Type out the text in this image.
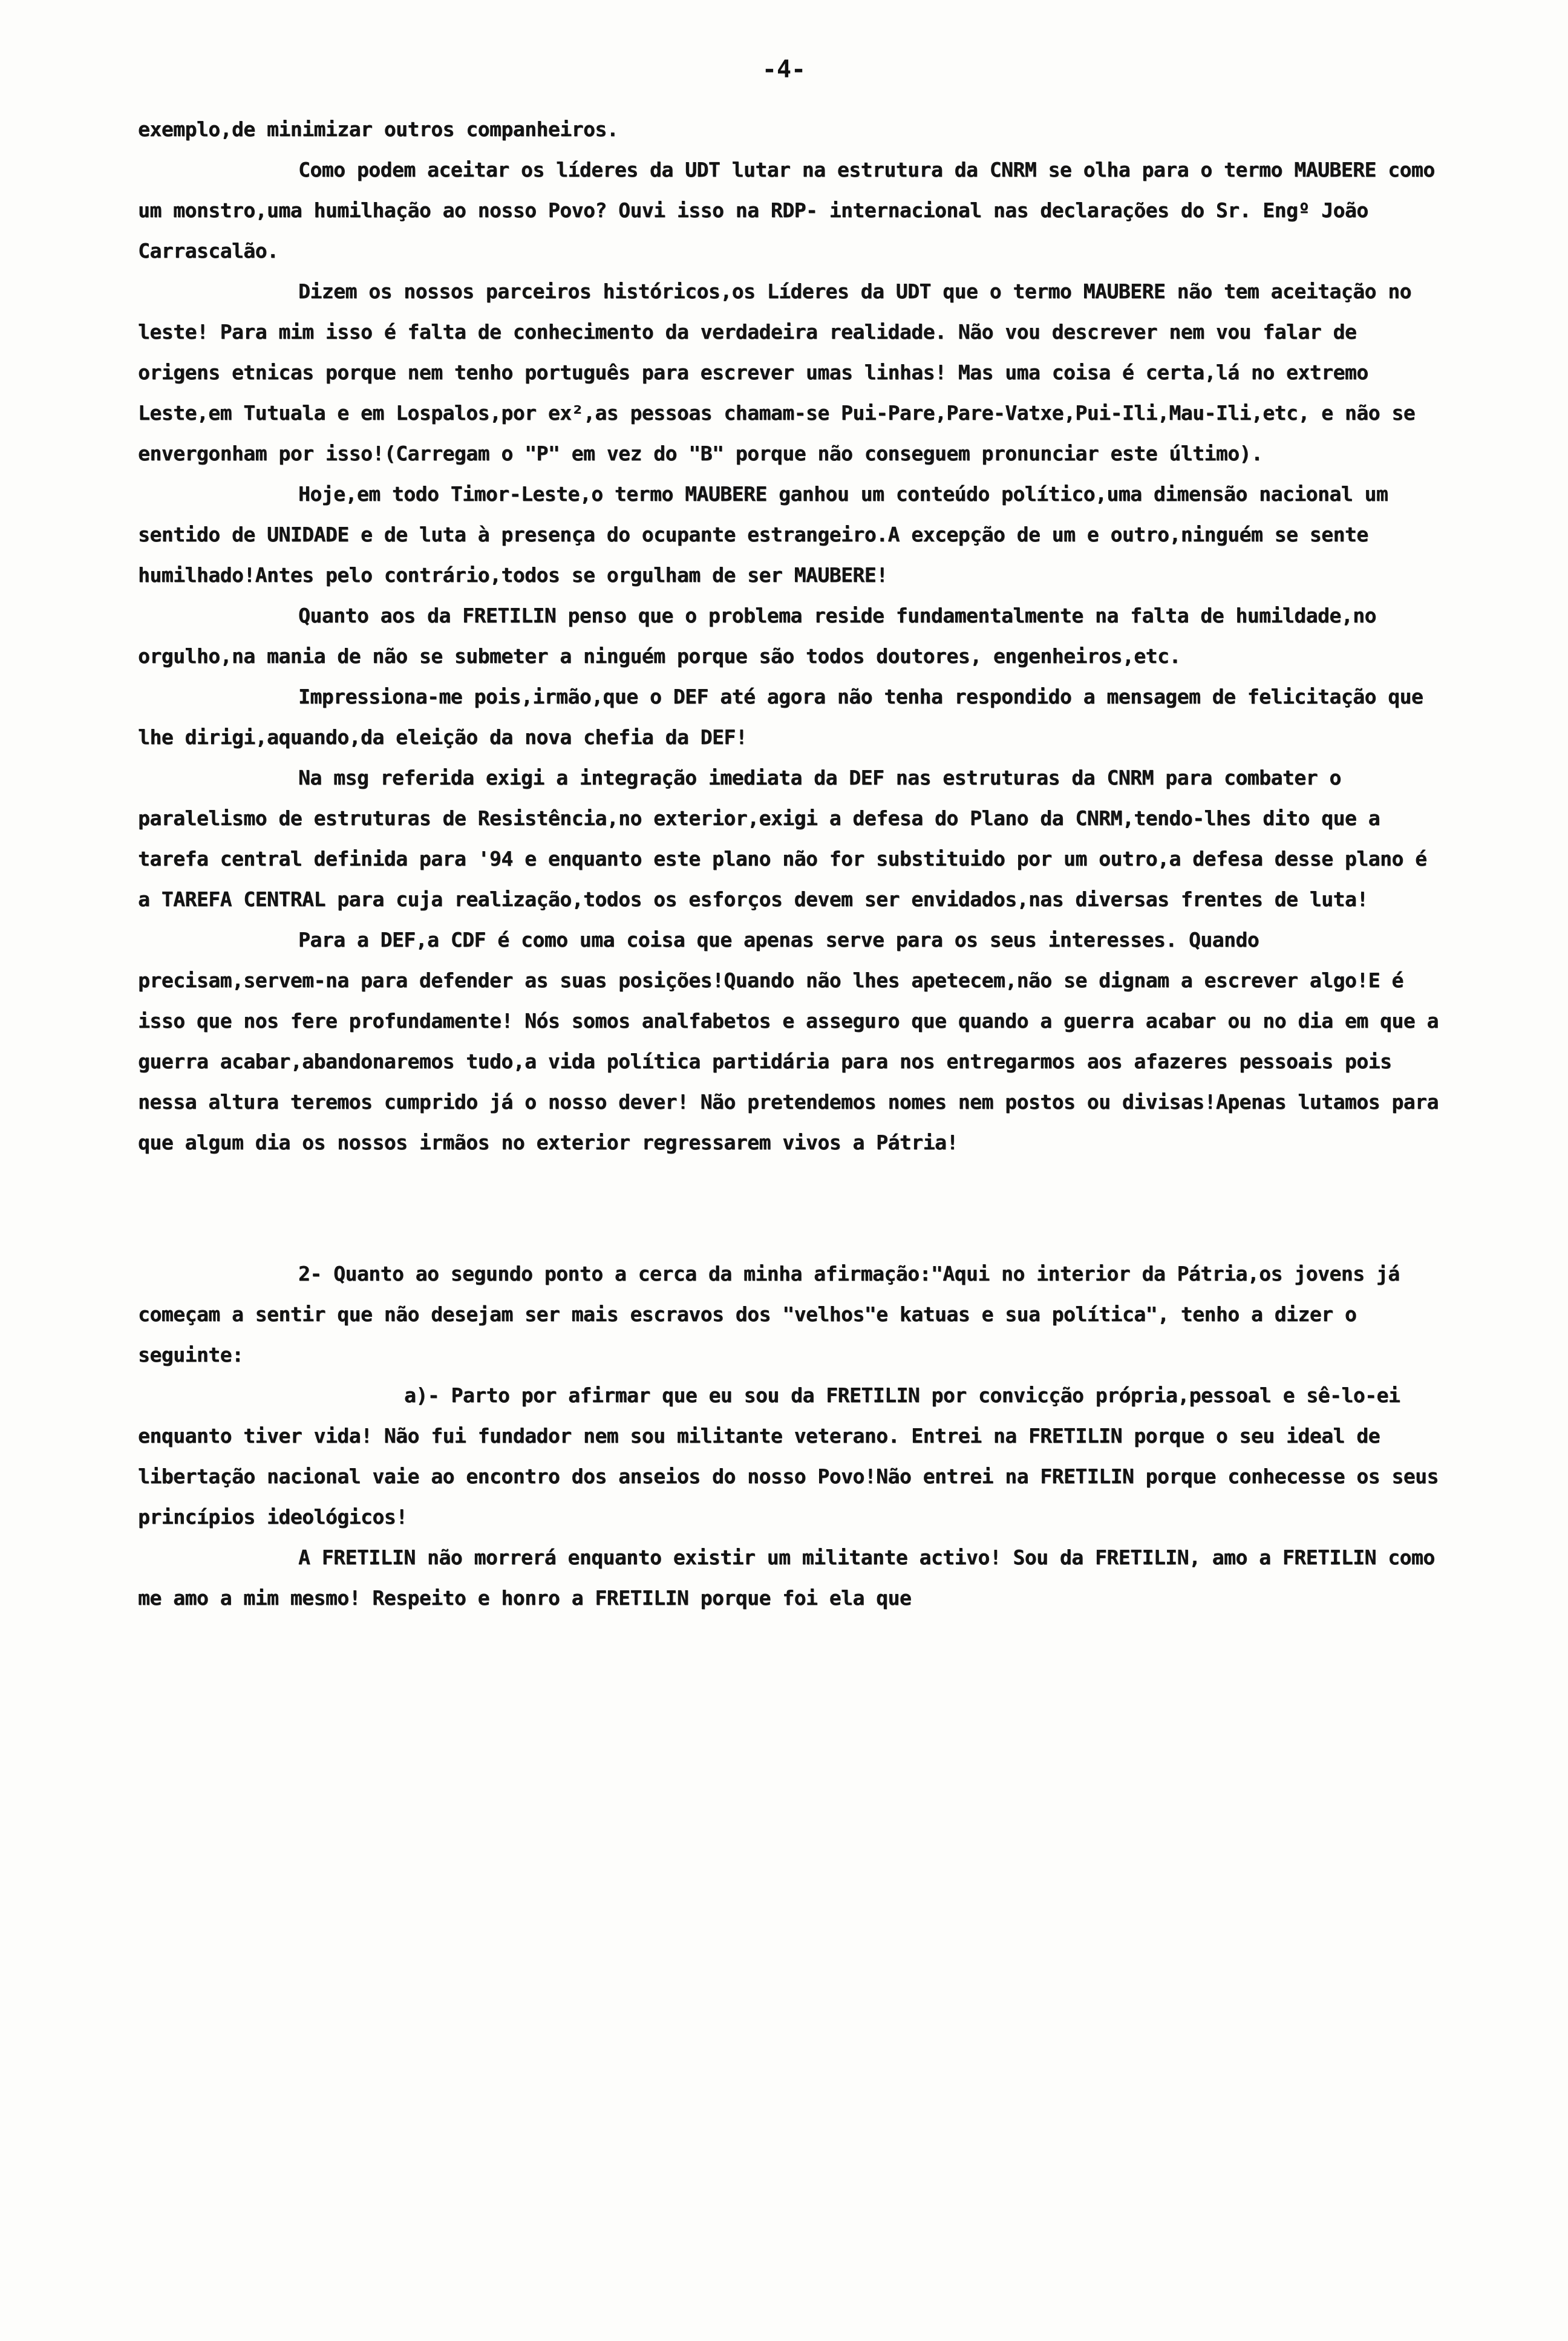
-4-

exemplo,de minimizar outros companheiros.

Como podem aceitar os líderes da UDT lutar na estrutura da CNRM se olha para o termo MAUBERE como um monstro,uma humilhação ao nosso Povo? Ouvi isso na RDP- internacional nas declarações do Sr. Engº João Carrascalão.

Dizem os nossos parceiros históricos,os Líderes da UDT que o termo MAUBERE não tem aceitação no leste! Para mim isso é falta de conhecimento da verdadeira realidade. Não vou descrever nem vou falar de origens etnicas porque nem tenho português para escrever umas linhas! Mas uma coisa é certa,lá no extremo Leste,em Tutuala e em Lospalos,por ex²,as pessoas chamam-se Pui-Pare,Pare-Vatxe,Pui-Ili,Mau-Ili,etc, e não se envergonham por isso!(Carregam o "P" em vez do "B" porque não conseguem pronunciar este último).

Hoje,em todo Timor-Leste,o termo MAUBERE ganhou um conteúdo político,uma dimensão nacional um sentido de UNIDADE e de luta à presença do ocupante estrangeiro.A excepção de um e outro,ninguém se sente humilhado!Antes pelo contrário,todos se orgulham de ser MAUBERE!

Quanto aos da FRETILIN penso que o problema reside fundamentalmente na falta de humildade,no orgulho,na mania de não se submeter a ninguém porque são todos doutores, engenheiros,etc.

Impressiona-me pois,irmão,que o DEF até agora não tenha respondido a mensagem de felicitação que lhe dirigi,aquando,da eleição da nova chefia da DEF!

Na msg referida exigi a integração imediata da DEF nas estruturas da CNRM para combater o paralelismo de estruturas de Resistência,no exterior,exigi a defesa do Plano da CNRM,tendo-lhes dito que a tarefa central definida para '94 e enquanto este plano não for substituido por um outro,a defesa desse plano é a TAREFA CENTRAL para cuja realização,todos os esforços devem ser envidados,nas diversas frentes de luta!

Para a DEF,a CDF é como uma coisa que apenas serve para os seus interesses. Quando precisam,servem-na para defender as suas posições!Quando não lhes apetecem,não se dignam a escrever algo!E é isso que nos fere profundamente! Nós somos analfabetos e asseguro que quando a guerra acabar ou no dia em que a guerra acabar,abandonaremos tudo,a vida política partidária para nos entregarmos aos afazeres pessoais pois nessa altura teremos cumprido já o nosso dever! Não pretendemos nomes nem postos ou divisas!Apenas lutamos para que algum dia os nossos irmãos no exterior regressarem vivos a Pátria!

2- Quanto ao segundo ponto a cerca da minha afirmação:"Aqui no interior da Pátria,os jovens já começam a sentir que não desejam ser mais escravos dos "velhos"e katuas e sua política", tenho a dizer o seguinte:

a)- Parto por afirmar que eu sou da FRETILIN por convicção própria,pessoal e sê-lo-ei enquanto tiver vida! Não fui fundador nem sou militante veterano. Entrei na FRETILIN porque o seu ideal de libertação nacional vaie ao encontro dos anseios do nosso Povo!Não entrei na FRETILIN porque conhecesse os seus princípios ideológicos!

A FRETILIN não morrerá enquanto existir um militante activo! Sou da FRETILIN, amo a FRETILIN como me amo a mim mesmo! Respeito e honro a FRETILIN porque foi ela que
